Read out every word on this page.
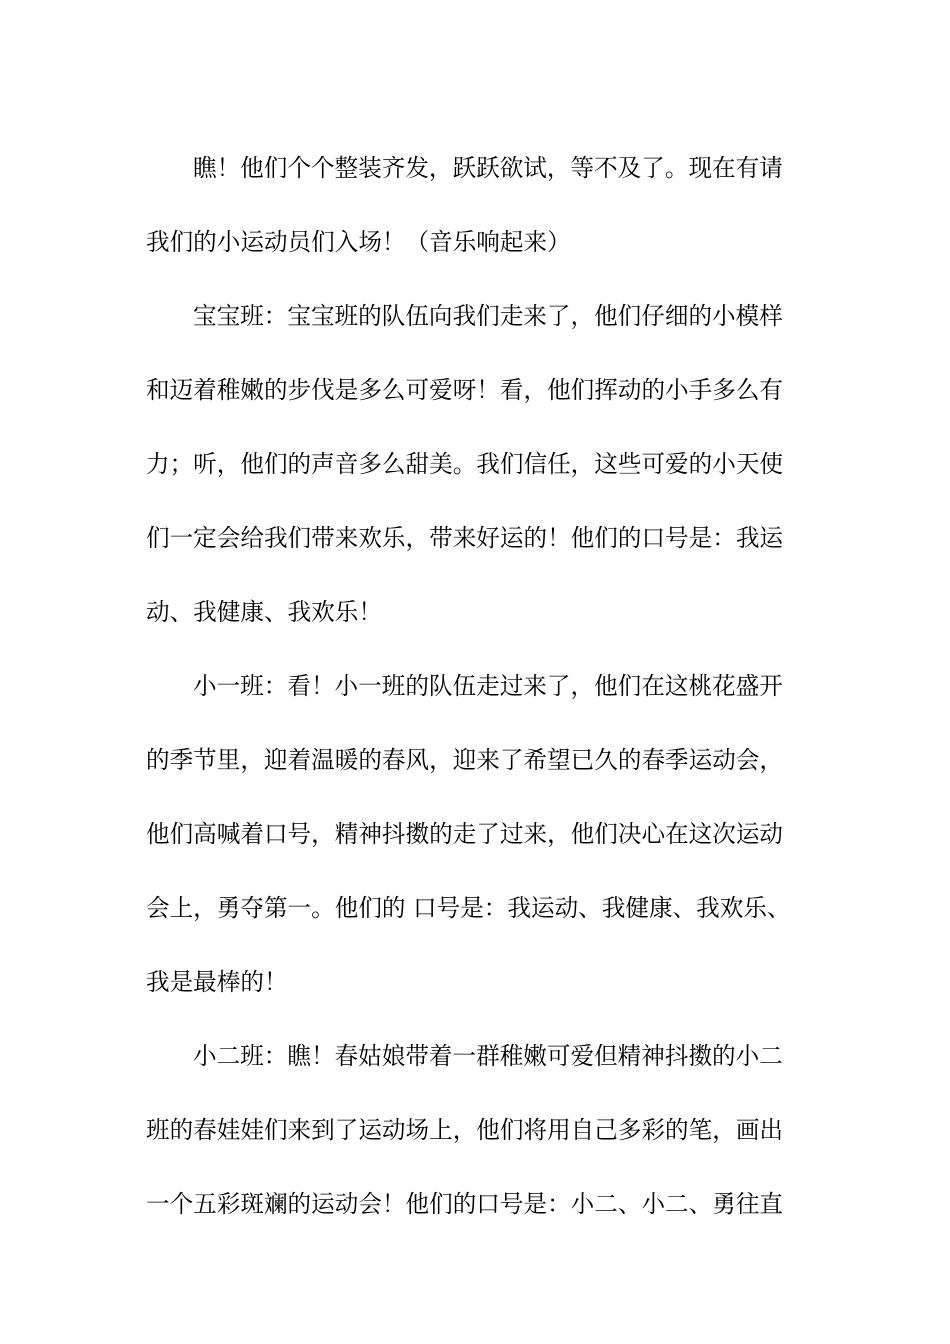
瞧！他们个个整装齐发，跃跃欲试，等不及了。现在有请
我们的小运动员们入场！（音乐响起来）
宝宝班：宝宝班的队伍向我们走来了，他们仔细的小模样
和迈着稚嫩的步伐是多么可爱呀！看，他们挥动的小手多么有
力；听，他们的声音多么甜美。我们信任，这些可爱的小天使
们一定会给我们带来欢乐，带来好运的！他们的口号是：我运
动、我健康、我欢乐！
小一班：看！小一班的队伍走过来了，他们在这桃花盛开
的季节里，迎着温暖的春风，迎来了希望已久的春季运动会，
他们高喊着口号，精神抖擞的走了过来，他们决心在这次运动
会上，勇夺第一。他们的 口号是：我运动、我健康、我欢乐、
我是最棒的！
小二班：瞧！春姑娘带着一群稚嫩可爱但精神抖擞的小二
班的春娃娃们来到了运动场上，他们将用自己多彩的笔，画出
一个五彩斑斓的运动会！他们的口号是：小二、小二、勇往直
